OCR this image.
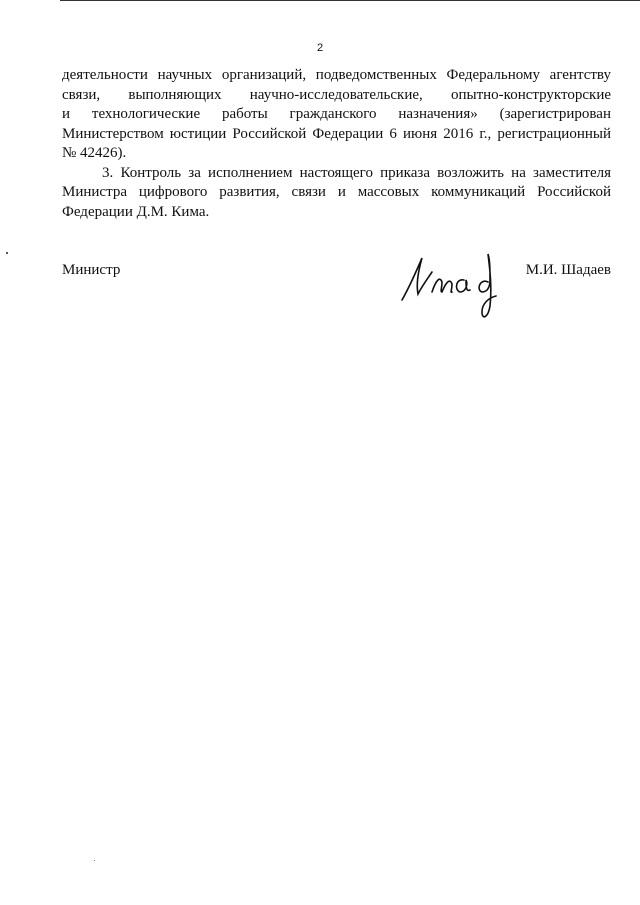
2

деятельности научных организаций, подведомственных Федеральному агентству
связи, выполняющих научно-исследовательские, опытно-конструкторские
и технологические работы гражданского назначения» (зарегистрирован
Министерством юстиции Российской Федерации 6 июня 2016 г., регистрационный
№ 42426).

3. Контроль за исполнением настоящего приказа возложить на заместителя Министра цифрового развития, связи и массовых коммуникаций Российской Федерации Д.М. Кима.

Министр	М.И. Шадаев
